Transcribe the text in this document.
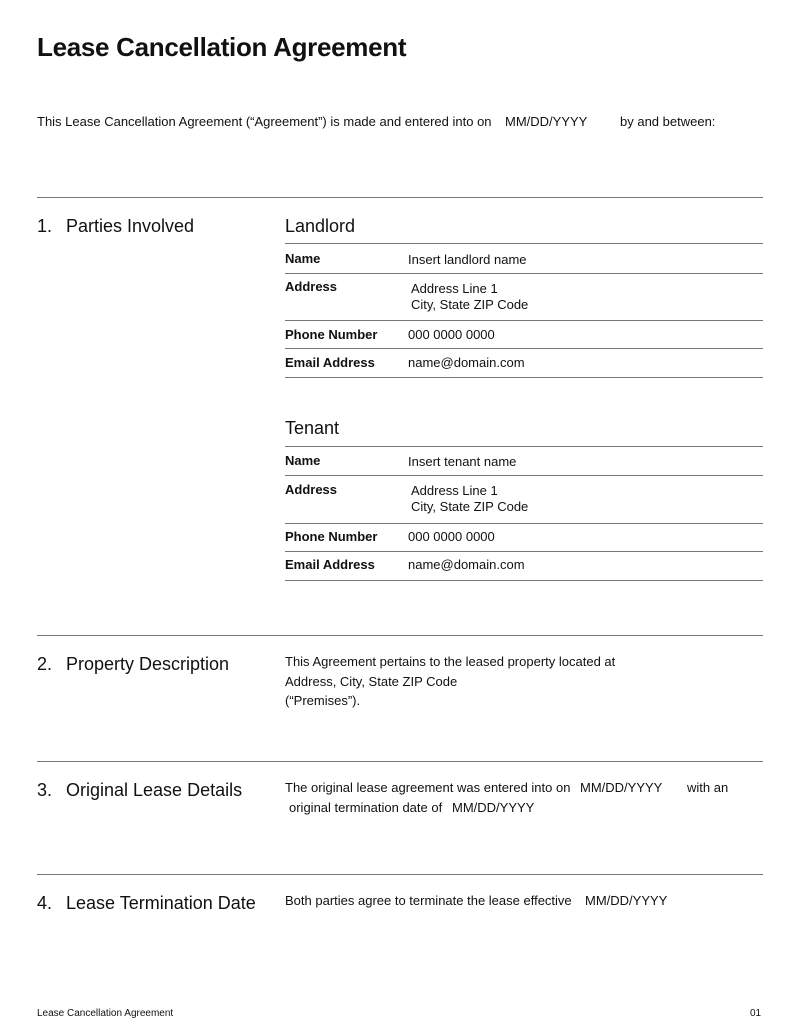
Lease Cancellation Agreement
This Lease Cancellation Agreement (“Agreement”) is made and entered into on MM/DD/YYYY	by and between:
1. Parties Involved	Landlord
Name	Insert landlord name
Address	Address Line 1
City, State ZIP Code
Phone Number 000 0000 0000
Email Address	name@domain.com
Tenant
Name	Insert tenant name
Address	Address Line 1
City, State ZIP Code
Phone Number 000 0000 0000
Email Address	name@domain.com
2. Property Description	This Agreement pertains to the leased property located at
Address, City, State ZIP Code
(“Premises”).
3. Original Lease Details	The original lease agreement was entered into on MM/DD/YYYY with an
original termination date of MM/DD/YYYY
4. Lease Termination Date Both parties agree to terminate the lease effective MM/DD/YYYY
Lease Cancellation Agreement	01
